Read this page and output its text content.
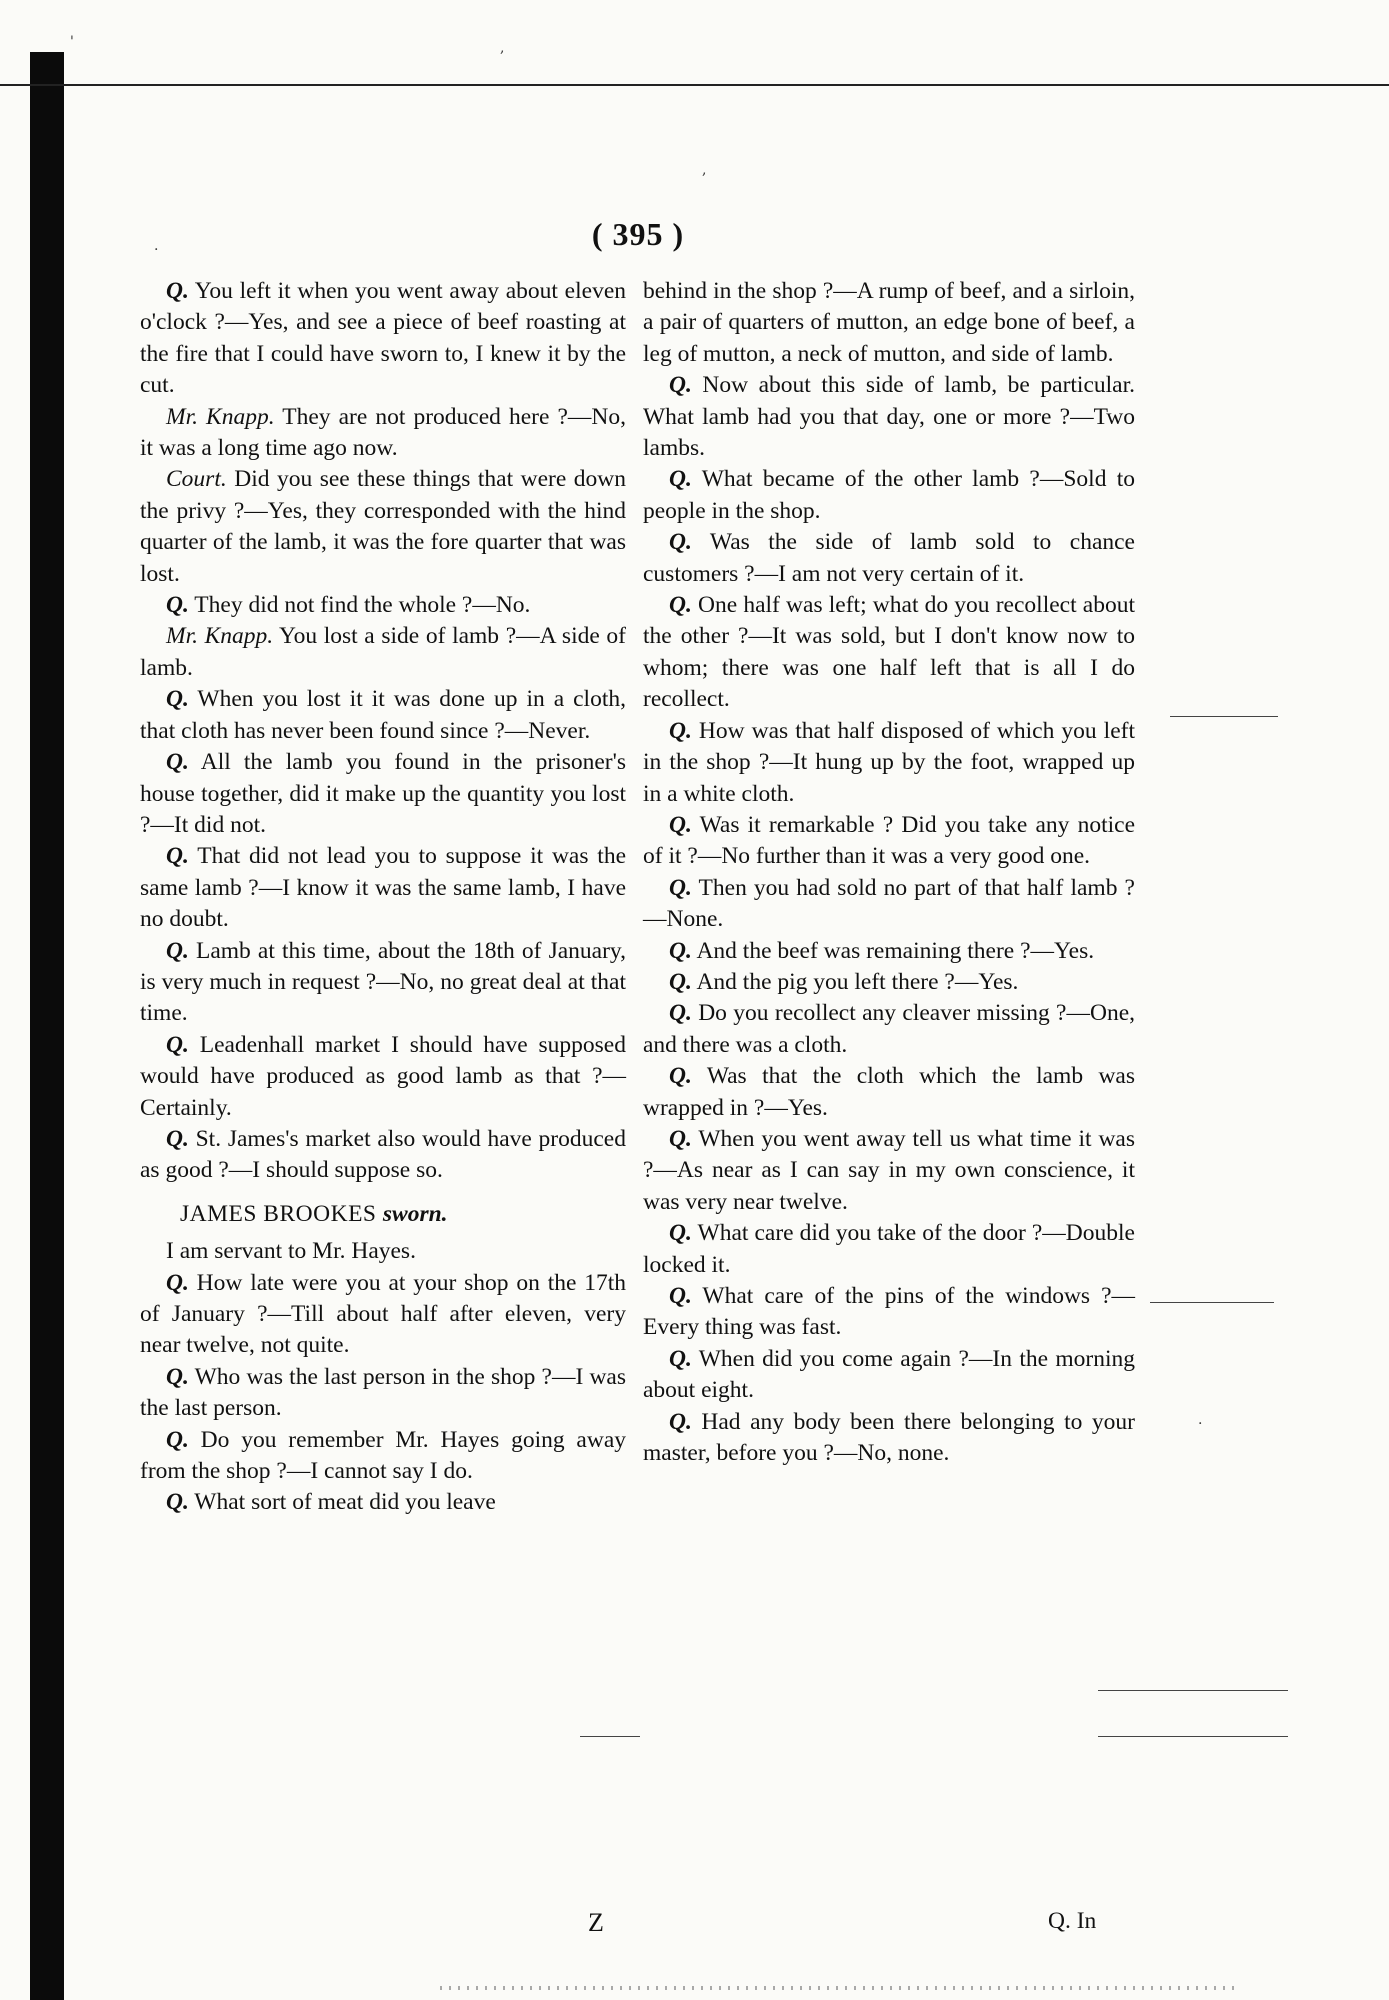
'	,
,
.
.
( 395 )

Q. You left it when you went away about eleven o'clock ?—Yes, and see a piece of beef roasting at the fire that I could have sworn to, I knew it by the cut.

Mr. Knapp. They are not produced here ?—No, it was a long time ago now.

Court. Did you see these things that were down the privy ?—Yes, they corresponded with the hind quarter of the lamb, it was the fore quarter that was lost.

Q. They did not find the whole ?—No.

Mr. Knapp. You lost a side of lamb ?—A side of lamb.

Q. When you lost it it was done up in a cloth, that cloth has never been found since ?—Never.

Q. All the lamb you found in the prisoner's house together, did it make up the quantity you lost ?—It did not.

Q. That did not lead you to suppose it was the same lamb ?—I know it was the same lamb, I have no doubt.

Q. Lamb at this time, about the 18th of January, is very much in request ?—No, no great deal at that time.

Q. Leadenhall market I should have supposed would have produced as good lamb as that ?—Certainly.

Q. St. James's market also would have produced as good ?—I should suppose so.

JAMES BROOKES sworn.

I am servant to Mr. Hayes.

Q. How late were you at your shop on the 17th of January ?—Till about half after eleven, very near twelve, not quite.

Q. Who was the last person in the shop ?—I was the last person.

Q. Do you remember Mr. Hayes going away from the shop ?—I cannot say I do.

Q. What sort of meat did you leave

behind in the shop ?—A rump of beef, and a sirloin, a pair of quarters of mutton, an edge bone of beef, a leg of mutton, a neck of mutton, and side of lamb.

Q. Now about this side of lamb, be particular. What lamb had you that day, one or more ?—Two lambs.

Q. What became of the other lamb ?—Sold to people in the shop.

Q. Was the side of lamb sold to chance customers ?—I am not very certain of it.

Q. One half was left; what do you recollect about the other ?—It was sold, but I don't know now to whom; there was one half left that is all I do recollect.

Q. How was that half disposed of which you left in the shop ?—It hung up by the foot, wrapped up in a white cloth.

Q. Was it remarkable ? Did you take any notice of it ?—No further than it was a very good one.

Q. Then you had sold no part of that half lamb ?—None.

Q. And the beef was remaining there ?—Yes.

Q. And the pig you left there ?—Yes.

Q. Do you recollect any cleaver missing ?—One, and there was a cloth.

Q. Was that the cloth which the lamb was wrapped in ?—Yes.

Q. When you went away tell us what time it was ?—As near as I can say in my own conscience, it was very near twelve.

Q. What care did you take of the door ?—Double locked it.

Q. What care of the pins of the windows ?—Every thing was fast.

Q. When did you come again ?—In the morning about eight.

Q. Had any body been there belonging to your master, before you ?—No, none.

Z	Q. In
